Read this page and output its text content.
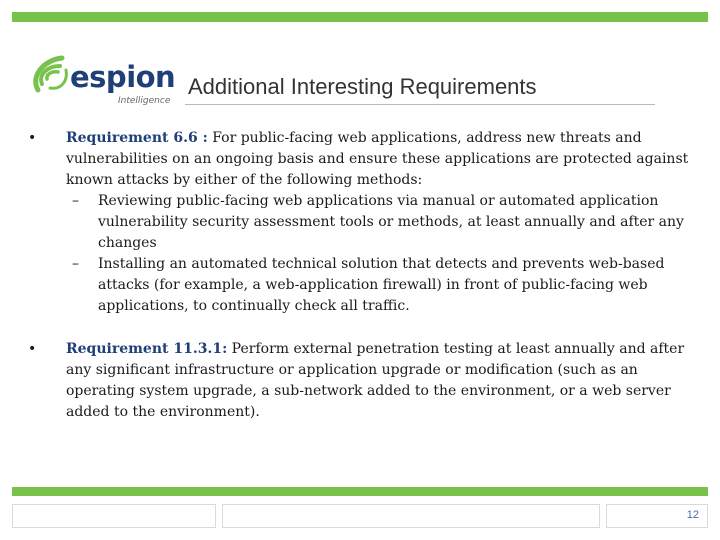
espion
Intelligence
Additional Interesting Requirements
•	Requirement 6.6 : For public-facing web applications, address new threats and vulnerabilities on an ongoing basis and ensure these applications are protected against known attacks by either of the following methods:
– Reviewing public-facing web applications via manual or automated application vulnerability security assessment tools or methods, at least annually and after any changes
– Installing an automated technical solution that detects and prevents web-based attacks (for example, a web-application firewall) in front of public-facing web applications, to continually check all traffic.
•	Requirement 11.3.1: Perform external penetration testing at least annually and after any significant infrastructure or application upgrade or modification (such as an operating system upgrade, a sub-network added to the environment, or a web server added to the environment).
12
